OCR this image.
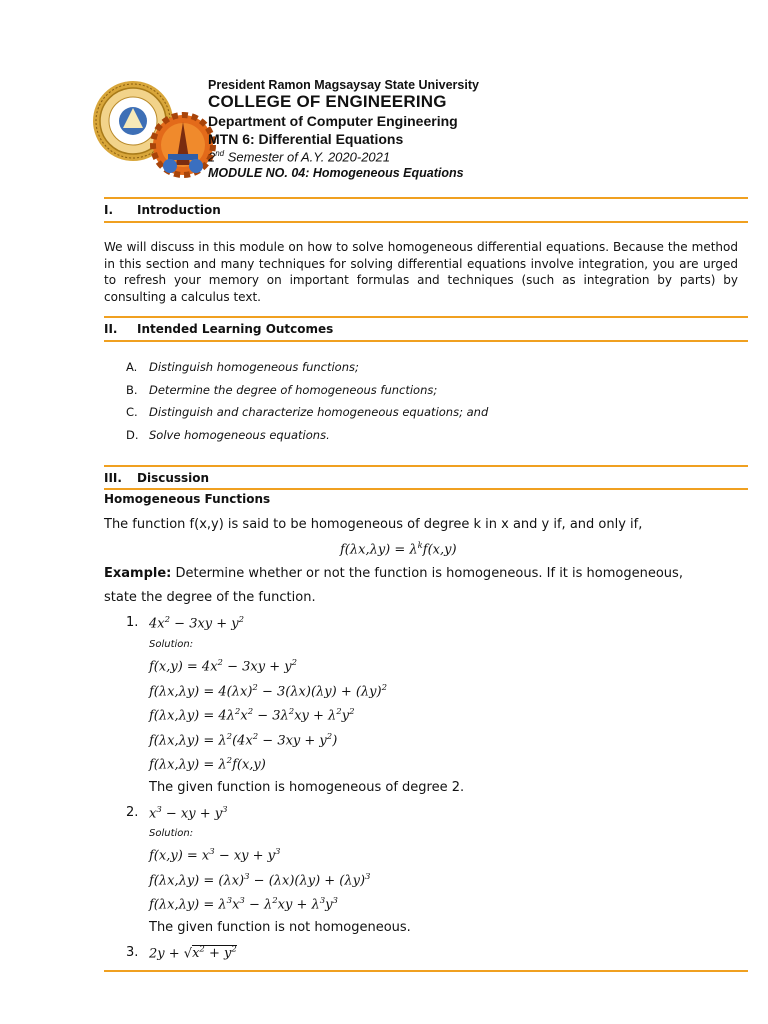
President Ramon Magsaysay State University
COLLEGE OF ENGINEERING
Department of Computer Engineering
MTN 6: Differential Equations
2nd Semester of A.Y. 2020-2021
MODULE NO. 04: Homogeneous Equations
I. Introduction
We will discuss in this module on how to solve homogeneous differential equations. Because the method in this section and many techniques for solving differential equations involve integration, you are urged to refresh your memory on important formulas and techniques (such as integration by parts) by consulting a calculus text.
II. Intended Learning Outcomes
A. Distinguish homogeneous functions;
B. Determine the degree of homogeneous functions;
C. Distinguish and characterize homogeneous equations; and
D. Solve homogeneous equations.
III. Discussion
Homogeneous Functions
The function f(x,y) is said to be homogeneous of degree k in x and y if, and only if,
$f(\lambda x,\lambda y) = \lambda^kf(x,y)$
Example: Determine whether or not the function is homogeneous. If it is homogeneous,
state the degree of the function.
1. $4x^2 - 3xy + y^2$
Solution:
$f(x,y) = 4x^2 - 3xy + y^2$
$f(\lambda x,\lambda y) = 4(\lambda x)^2 - 3(\lambda x)(\lambda y) + (\lambda y)^2$
$f(\lambda x,\lambda y) = 4\lambda^2x^2 - 3\lambda^2xy + \lambda^2y^2$
$f(\lambda x,\lambda y) = \lambda^2(4x^2 - 3xy + y^2)$
$f(\lambda x,\lambda y) = \lambda^2f(x,y)$
The given function is homogeneous of degree 2.
2. $x^3$ − xy + $y^3$
Solution:
$f(x,y) = x^3$ − xy + $y^3$
$f(\lambda x,\lambda y) = (\lambda x)^3 - (\lambda x)(\lambda y) + (\lambda y)^3$
$f(\lambda x,\lambda y) = \lambda^3x^3 - \lambda^2xy + \lambda^3y^3$
The given function is not homogeneous.
3. $2y + √x^2 + y^2$
